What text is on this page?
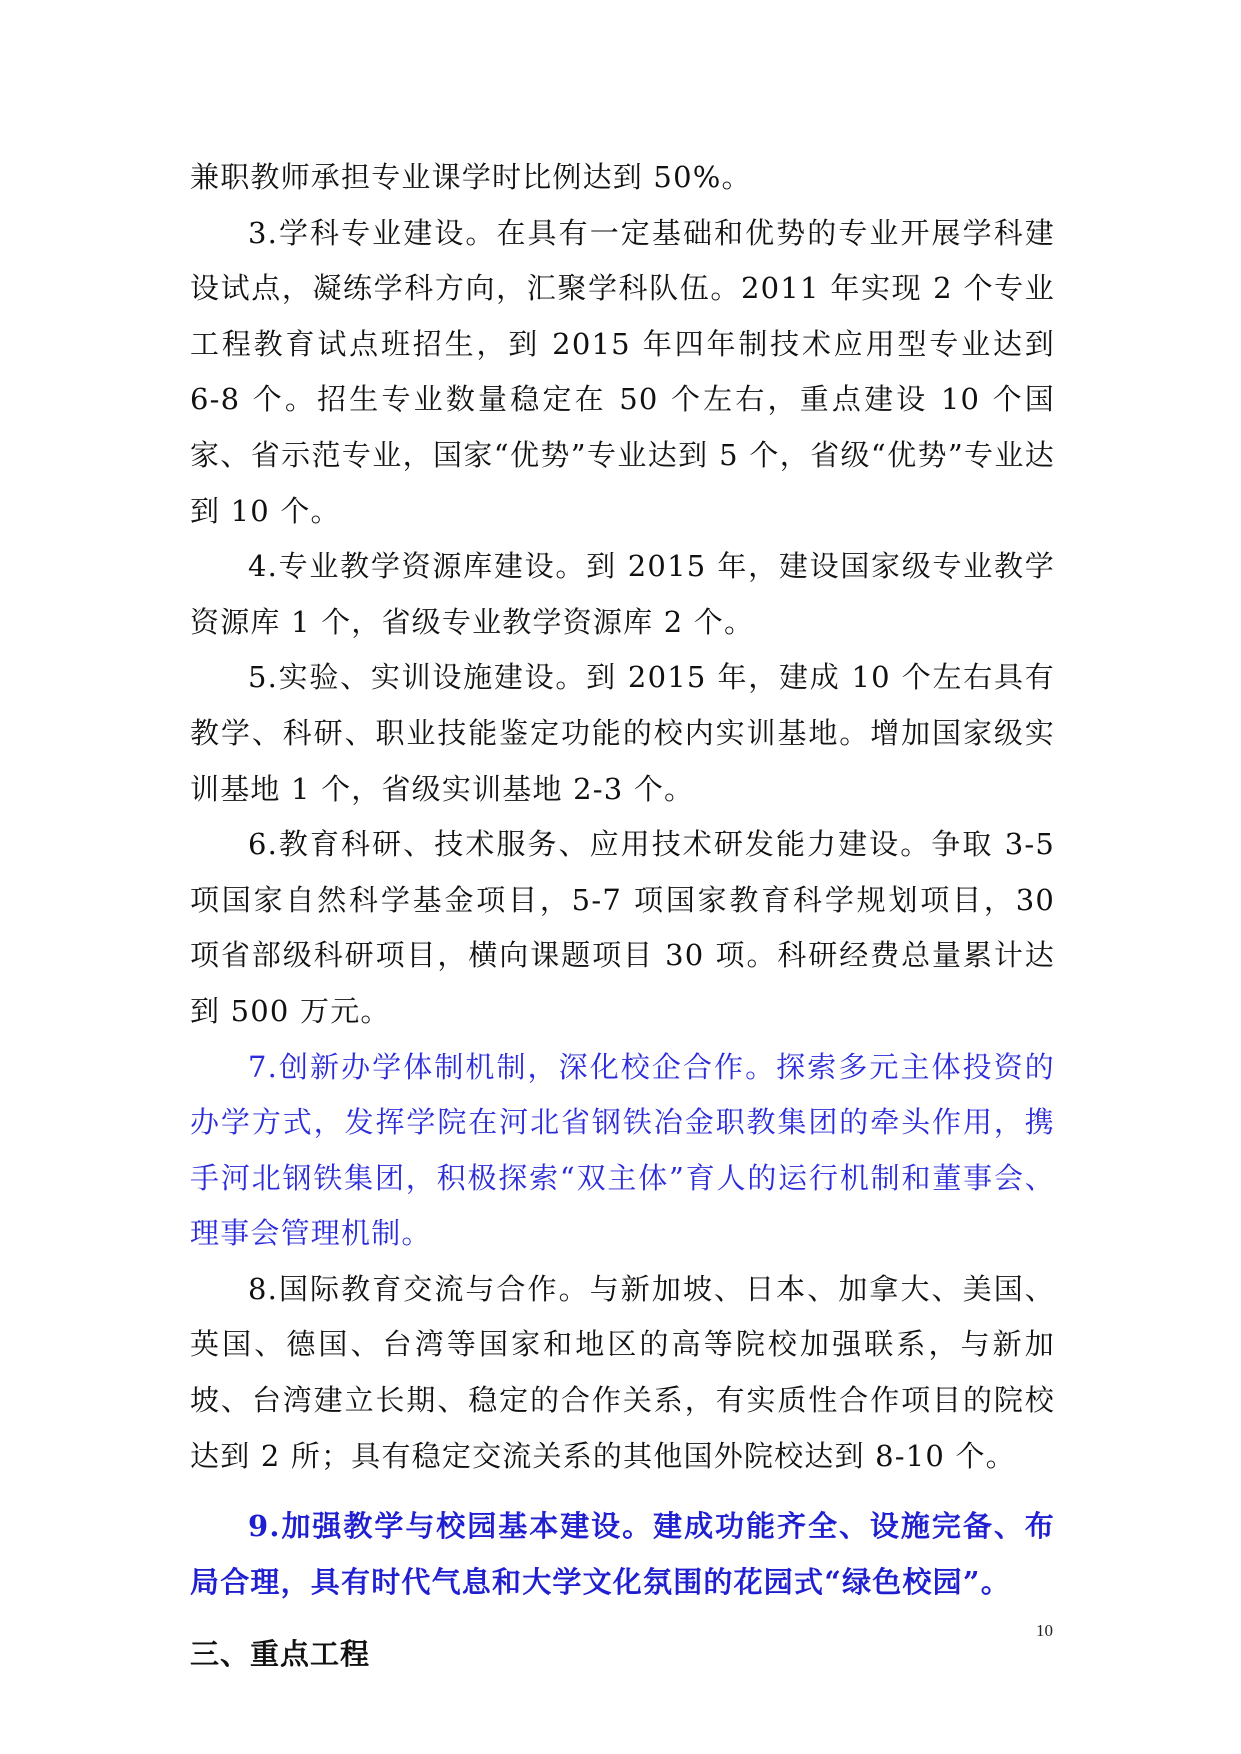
兼职教师承担专业课学时比例达到 50%。

3.学科专业建设。在具有一定基础和优势的专业开展学科建设试点，凝练学科方向，汇聚学科队伍。2011 年实现 2 个专业工程教育试点班招生，到 2015 年四年制技术应用型专业达到 6-8 个。招生专业数量稳定在 50 个左右，重点建设 10 个国家、省示范专业，国家“优势”专业达到 5 个，省级“优势”专业达到 10 个。

4.专业教学资源库建设。到 2015 年，建设国家级专业教学资源库 1 个，省级专业教学资源库 2 个。

5.实验、实训设施建设。到 2015 年，建成 10 个左右具有教学、科研、职业技能鉴定功能的校内实训基地。增加国家级实训基地 1 个，省级实训基地 2-3 个。

6.教育科研、技术服务、应用技术研发能力建设。争取 3-5 项国家自然科学基金项目，5-7 项国家教育科学规划项目，30 项省部级科研项目，横向课题项目 30 项。科研经费总量累计达到 500 万元。

7.创新办学体制机制，深化校企合作。探索多元主体投资的办学方式，发挥学院在河北省钢铁冶金职教集团的牵头作用，携手河北钢铁集团，积极探索“双主体”育人的运行机制和董事会、理事会管理机制。

8.国际教育交流与合作。与新加坡、日本、加拿大、美国、英国、德国、台湾等国家和地区的高等院校加强联系，与新加坡、台湾建立长期、稳定的合作关系，有实质性合作项目的院校达到 2 所；具有稳定交流关系的其他国外院校达到 8-10 个。

9.加强教学与校园基本建设。建成功能齐全、设施完备、布局合理，具有时代气息和大学文化氛围的花园式“绿色校园”。

三、重点工程
10
